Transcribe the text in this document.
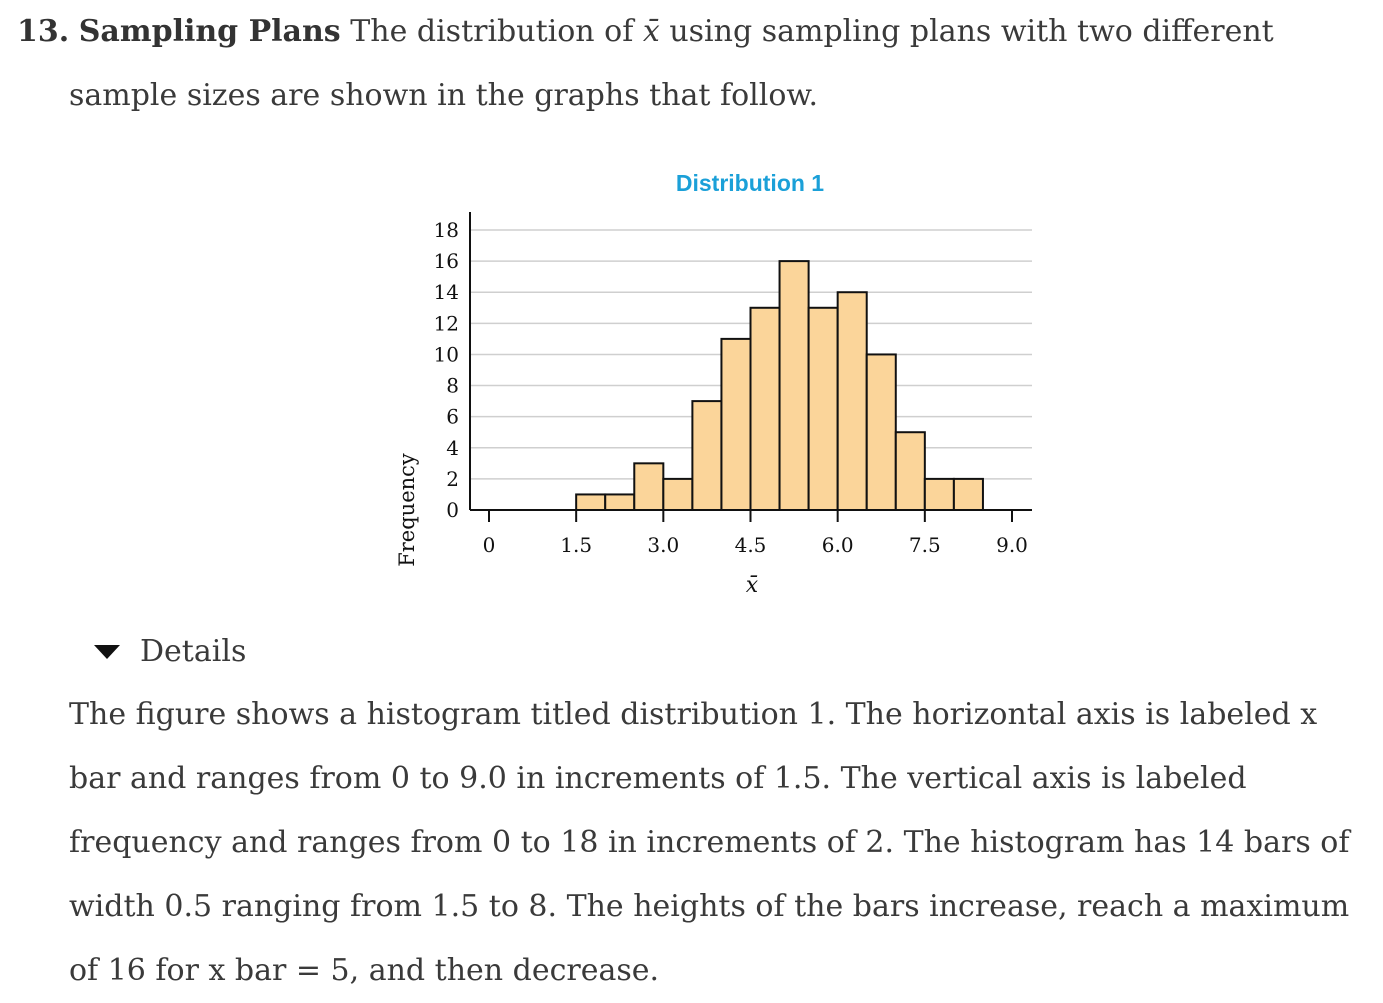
13. Sampling Plans The distribution of x̄ using sampling plans with two different
sample sizes are shown in the graphs that follow.
Distribution 1
0
2
4
6
8
10
12
14
16
18
0	1.5	3.0	4.5	6.0	7.5	9.0
Frequency
x̄
Details
The figure shows a histogram titled distribution 1. The horizontal axis is labeled x bar and ranges from 0 to 9.0 in increments of 1.5. The vertical axis is labeled frequency and ranges from 0 to 18 in increments of 2. The histogram has 14 bars of width 0.5 ranging from 1.5 to 8. The heights of the bars increase, reach a maximum of 16 for x bar = 5, and then decrease.
